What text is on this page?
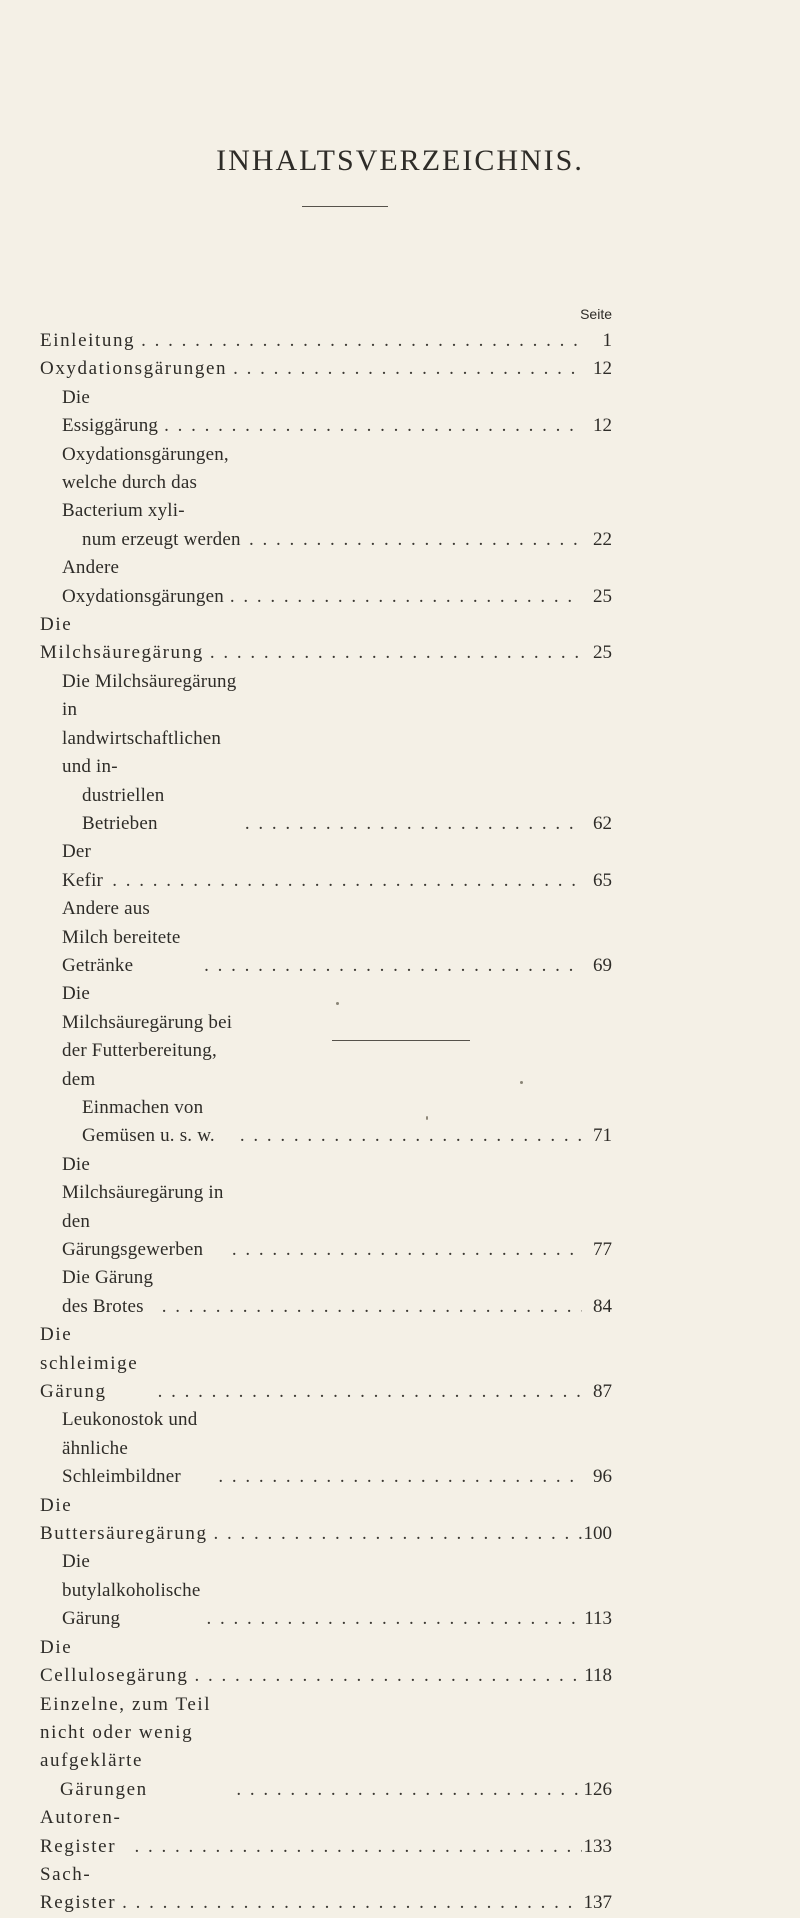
INHALTSVERZEICHNIS.
Seite
Einleitung . . .	1
Oxydationsgärungen . . .	12
Die Essiggärung . . .	12
Oxydationsgärungen, welche durch das Bacterium xyli-
num erzeugt werden . . .	22
Andere Oxydationsgärungen . . .	25
Die Milchsäuregärung . . .	25
Die Milchsäuregärung in landwirtschaftlichen und in-
dustriellen Betrieben . . .	62
Der Kefir . . .	65
Andere aus Milch bereitete Getränke . . .	69
Die Milchsäuregärung bei der Futterbereitung, dem
Einmachen von Gemüsen u. s. w. . . .	71
Die Milchsäuregärung in den Gärungsgewerben . . .	77
Die Gärung des Brotes . . .	84
Die schleimige Gärung . . .	87
Leukonostok und ähnliche Schleimbildner . . .	96
Die Buttersäuregärung . . .	100
Die butylalkoholische Gärung . . .	113
Die Cellulosegärung . . .	118
Einzelne, zum Teil nicht oder wenig aufgeklärte
Gärungen . . .	126
Autoren-Register . . .	133
Sach-Register . . .	137
